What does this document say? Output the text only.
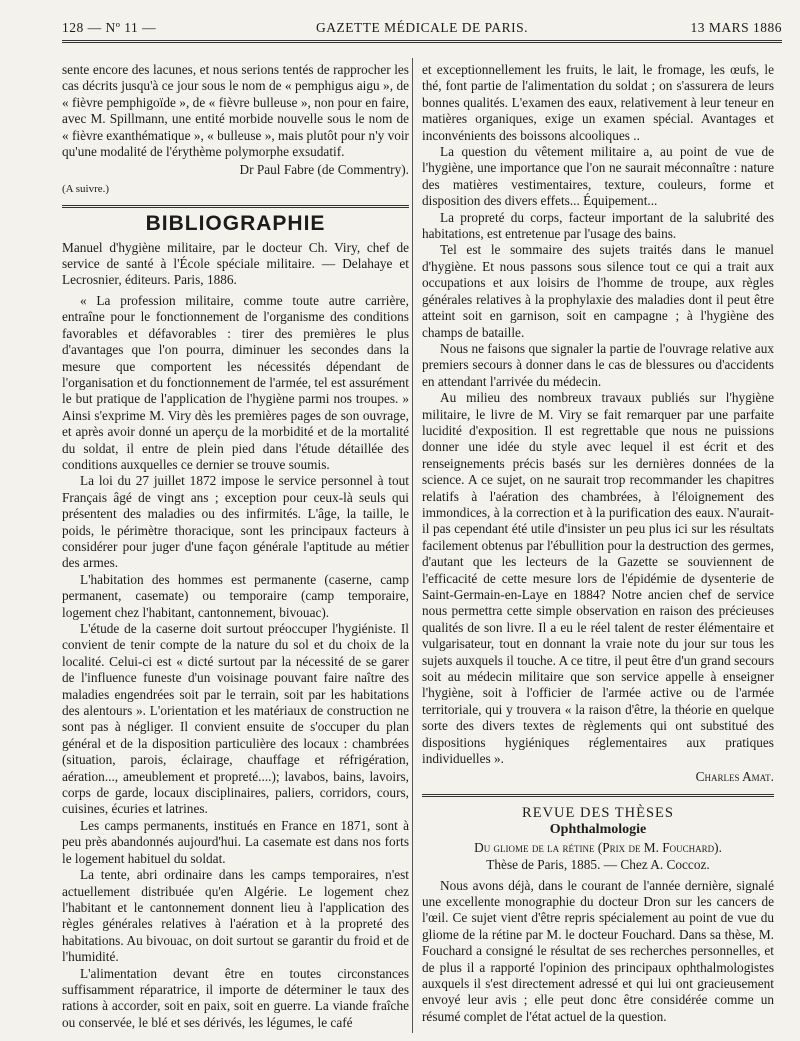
128 — Nº 11 —	GAZETTE MÉDICALE DE PARIS.	13 MARS 1886

sente encore des lacunes, et nous serions tentés de rapprocher les cas décrits jusqu'à ce jour sous le nom de « pemphigus aigu », de « fièvre pemphigoïde », de « fièvre bulleuse », non pour en faire, avec M. Spillmann, une entité morbide nouvelle sous le nom de « fièvre exanthématique », « bulleuse », mais plutôt pour n'y voir qu'une modalité de l'érythème polymorphe exsudatif.

Dr Paul Fabre (de Commentry).

(A suivre.)

BIBLIOGRAPHIE

Manuel d'hygiène militaire, par le docteur Ch. Viry, chef de service de santé à l'École spéciale militaire. — Delahaye et Lecrosnier, éditeurs. Paris, 1886.

« La profession militaire, comme toute autre carrière, entraîne pour le fonctionnement de l'organisme des conditions favorables et défavorables : tirer des premières le plus d'avantages que l'on pourra, diminuer les secondes dans la mesure que comportent les nécessités dépendant de l'organisation et du fonctionnement de l'armée, tel est assurément le but pratique de l'application de l'hygiène parmi nos troupes. » Ainsi s'exprime M. Viry dès les premières pages de son ouvrage, et après avoir donné un aperçu de la morbidité et de la mortalité du soldat, il entre de plein pied dans l'étude détaillée des conditions auxquelles ce dernier se trouve soumis.

La loi du 27 juillet 1872 impose le service personnel à tout Français âgé de vingt ans ; exception pour ceux-là seuls qui présentent des maladies ou des infirmités. L'âge, la taille, le poids, le périmètre thoracique, sont les principaux facteurs à considérer pour juger d'une façon générale l'aptitude au métier des armes.

L'habitation des hommes est permanente (caserne, camp permanent, casemate) ou temporaire (camp temporaire, logement chez l'habitant, cantonnement, bivouac).

L'étude de la caserne doit surtout préoccuper l'hygiéniste. Il convient de tenir compte de la nature du sol et du choix de la localité. Celui-ci est « dicté surtout par la nécessité de se garer de l'influence funeste d'un voisinage pouvant faire naître des maladies engendrées soit par le terrain, soit par les habitations des alentours ». L'orientation et les matériaux de construction ne sont pas à négliger. Il convient ensuite de s'occuper du plan général et de la disposition particulière des locaux : chambrées (situation, parois, éclairage, chauffage et réfrigération, aération..., ameublement et propreté....); lavabos, bains, lavoirs, corps de garde, locaux disciplinaires, paliers, corridors, cours, cuisines, écuries et latrines.

Les camps permanents, institués en France en 1871, sont à peu près abandonnés aujourd'hui. La casemate est dans nos forts le logement habituel du soldat.

La tente, abri ordinaire dans les camps temporaires, n'est actuellement distribuée qu'en Algérie. Le logement chez l'habitant et le cantonnement donnent lieu à l'application des règles générales relatives à l'aération et à la propreté des habitations. Au bivouac, on doit surtout se garantir du froid et de l'humidité.

L'alimentation devant être en toutes circonstances suffisamment réparatrice, il importe de déterminer le taux des rations à accorder, soit en paix, soit en guerre. La viande fraîche ou conservée, le blé et ses dérivés, les légumes, le café

et exceptionnellement les fruits, le lait, le fromage, les œufs, le thé, font partie de l'alimentation du soldat ; on s'assurera de leurs bonnes qualités. L'examen des eaux, relativement à leur teneur en matières organiques, exige un examen spécial. Avantages et inconvénients des boissons alcooliques ..

La question du vêtement militaire a, au point de vue de l'hygiène, une importance que l'on ne saurait méconnaître : nature des matières vestimentaires, texture, couleurs, forme et disposition des divers effets... Équipement...

La propreté du corps, facteur important de la salubrité des habitations, est entretenue par l'usage des bains.

Tel est le sommaire des sujets traités dans le manuel d'hygiène. Et nous passons sous silence tout ce qui a trait aux occupations et aux loisirs de l'homme de troupe, aux règles générales relatives à la prophylaxie des maladies dont il peut être atteint soit en garnison, soit en campagne ; à l'hygiène des champs de bataille.

Nous ne faisons que signaler la partie de l'ouvrage relative aux premiers secours à donner dans le cas de blessures ou d'accidents en attendant l'arrivée du médecin.

Au milieu des nombreux travaux publiés sur l'hygiène militaire, le livre de M. Viry se fait remarquer par une parfaite lucidité d'exposition. Il est regrettable que nous ne puissions donner une idée du style avec lequel il est écrit et des renseignements précis basés sur les dernières données de la science. A ce sujet, on ne saurait trop recommander les chapitres relatifs à l'aération des chambrées, à l'éloignement des immondices, à la correction et à la purification des eaux. N'aurait-il pas cependant été utile d'insister un peu plus ici sur les résultats facilement obtenus par l'ébullition pour la destruction des germes, d'autant que les lecteurs de la Gazette se souviennent de l'efficacité de cette mesure lors de l'épidémie de dysenterie de Saint-Germain-en-Laye en 1884? Notre ancien chef de service nous permettra cette simple observation en raison des précieuses qualités de son livre. Il a eu le réel talent de rester élémentaire et vulgarisateur, tout en donnant la vraie note du jour sur tous les sujets auxquels il touche. A ce titre, il peut être d'un grand secours soit au médecin militaire que son service appelle à enseigner l'hygiène, soit à l'officier de l'armée active ou de l'armée territoriale, qui y trouvera « la raison d'être, la théorie en quelque sorte des divers textes de règlements qui ont substitué des dispositions hygiéniques réglementaires aux pratiques individuelles ».

Charles Amat.

REVUE DES THÈSES

Ophthalmologie

Du gliome de la rétine (Prix de M. Fouchard).

Thèse de Paris, 1885. — Chez A. Coccoz.

Nous avons déjà, dans le courant de l'année dernière, signalé une excellente monographie du docteur Dron sur les cancers de l'œil. Ce sujet vient d'être repris spécialement au point de vue du gliome de la rétine par M. le docteur Fouchard. Dans sa thèse, M. Fouchard a consigné le résultat de ses recherches personnelles, et de plus il a rapporté l'opinion des principaux ophthalmologistes auxquels il s'est directement adressé et qui lui ont gracieusement envoyé leur avis ; elle peut donc être considérée comme un résumé complet de l'état actuel de la question.
